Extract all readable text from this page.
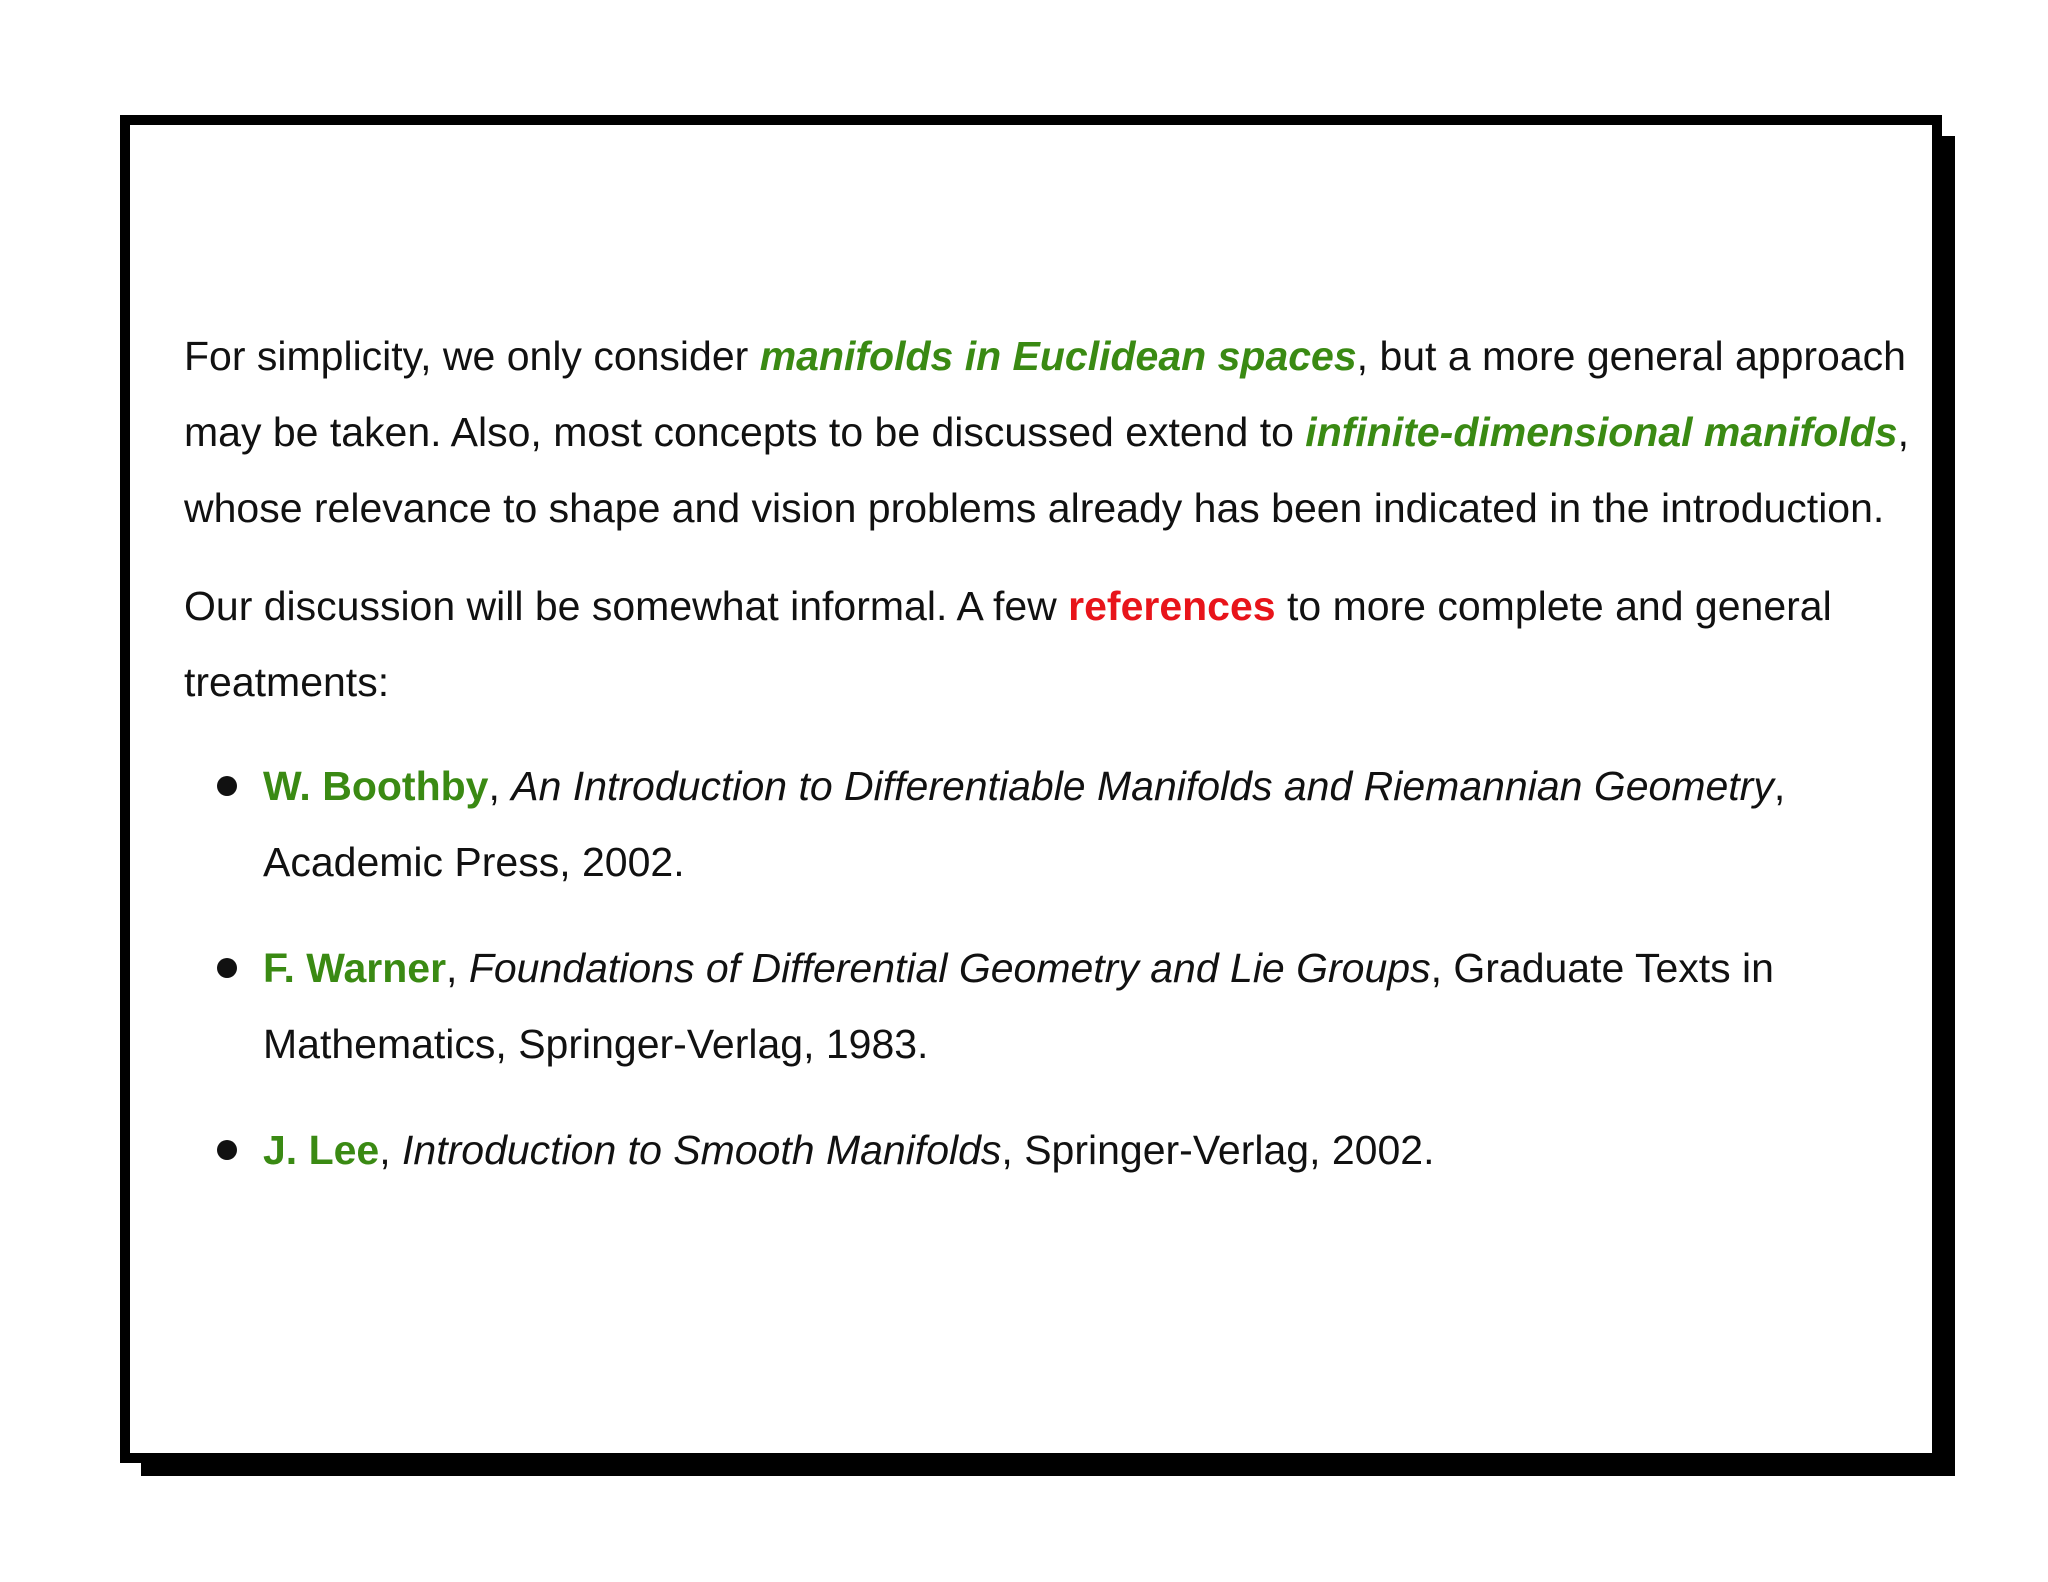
For simplicity, we only consider manifolds in Euclidean spaces, but a more general approach may be taken. Also, most concepts to be discussed extend to infinite-dimensional manifolds, whose relevance to shape and vision problems already has been indicated in the introduction.

Our discussion will be somewhat informal. A few references to more complete and general treatments:

W. Boothby, An Introduction to Differentiable Manifolds and Riemannian Geometry, Academic Press, 2002.
F. Warner, Foundations of Differential Geometry and Lie Groups, Graduate Texts in Mathematics, Springer-Verlag, 1983.
J. Lee, Introduction to Smooth Manifolds, Springer-Verlag, 2002.
